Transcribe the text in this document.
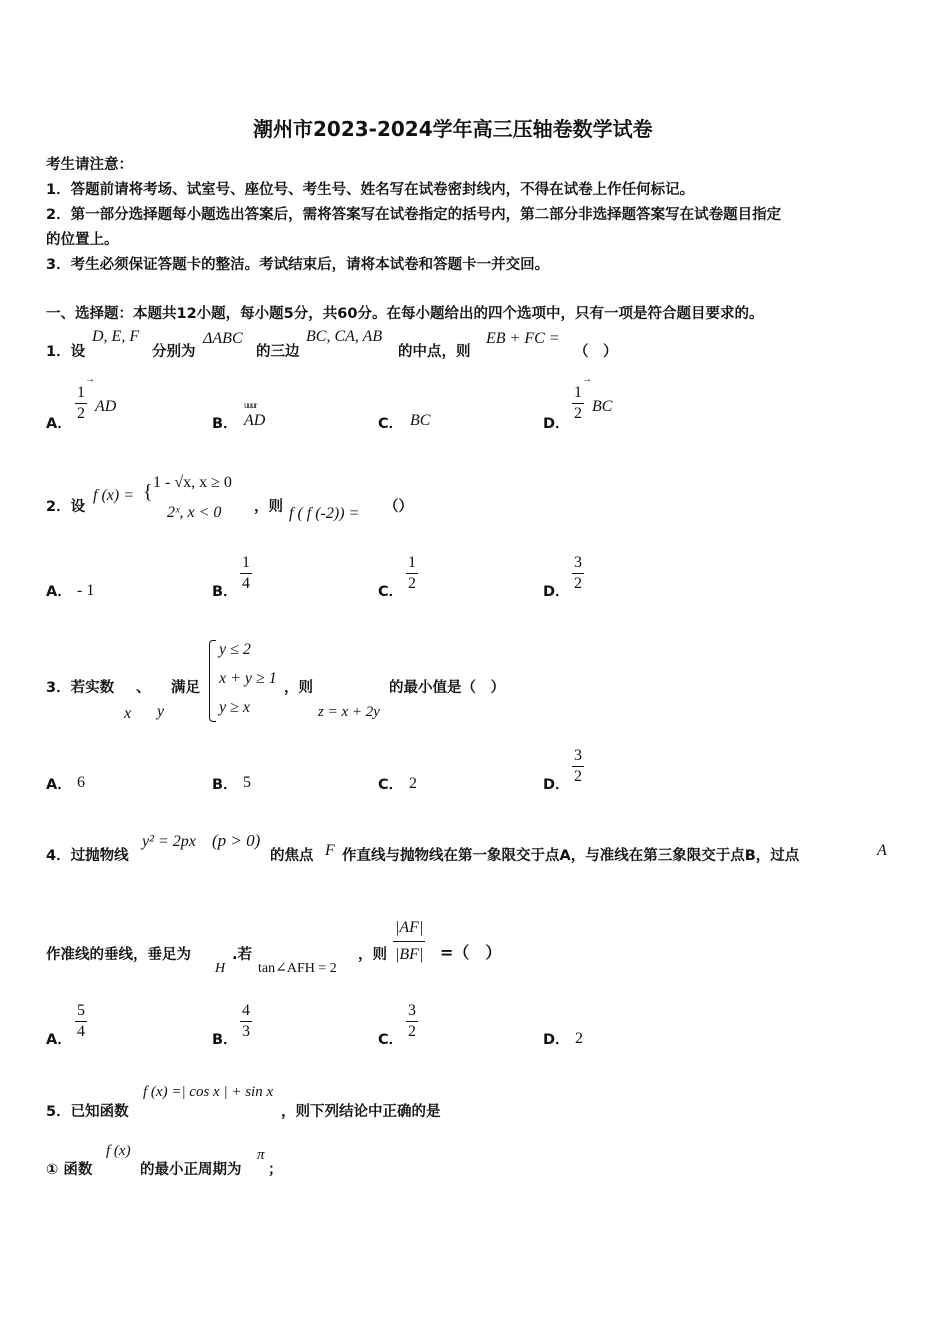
潮州市2023-2024学年高三压轴卷数学试卷
考生请注意：
1．答题前请将考场、试室号、座位号、考生号、姓名写在试卷密封线内，不得在试卷上作任何标记。
2．第一部分选择题每小题选出答案后，需将答案写在试卷指定的括号内，第二部分非选择题答案写在试卷题目指定
的位置上。
3．考生必须保证答题卡的整洁。考试结束后，请将本试卷和答题卡一并交回。
一、选择题：本题共12小题，每小题5分，共60分。在每小题给出的四个选项中，只有一项是符合题目要求的。
1．设
D, E, F
分别为
ΔABC
的三边
BC, CA, AB
的中点，则
EB + FC =
（　）
A． $\frac{1}{2}$
→
AD
B．
uuur
AD	C． BC	D． $\frac{1}{2}$
→
BC
2．设
f (x) = { 1 - √x, x ≥ 0
2ˣ, x < 0 ，则 f ( f (-2)) = （）
A． - 1	B． $\frac{1}{4}$	C． $\frac{1}{2}$	D． $\frac{3}{2}$
3．若实数 、 满足
x y
y ≤ 2
x + y ≥ 1
y ≥ x
，则
z = x + 2y
的最小值是（　）
A． 6	B． 5	C． 2	D． $\frac{3}{2}$
4．过抛物线
y² = 2px (p > 0)
的焦点 F 作直线与抛物线在第一象限交于点A，与准线在第三象限交于点B，过点	A
作准线的垂线，垂足为
H
.若
tan∠AFH = 2
，则 $\frac{|AF|}{|BF|}$ =（　）
A． $\frac{5}{4}$	B． $\frac{4}{3}$	C． $\frac{3}{2}$	D． 2
5．已知函数
f (x) =| cos x | + sin x
，则下列结论中正确的是
① 函数
f (x)
的最小正周期为
π
；
